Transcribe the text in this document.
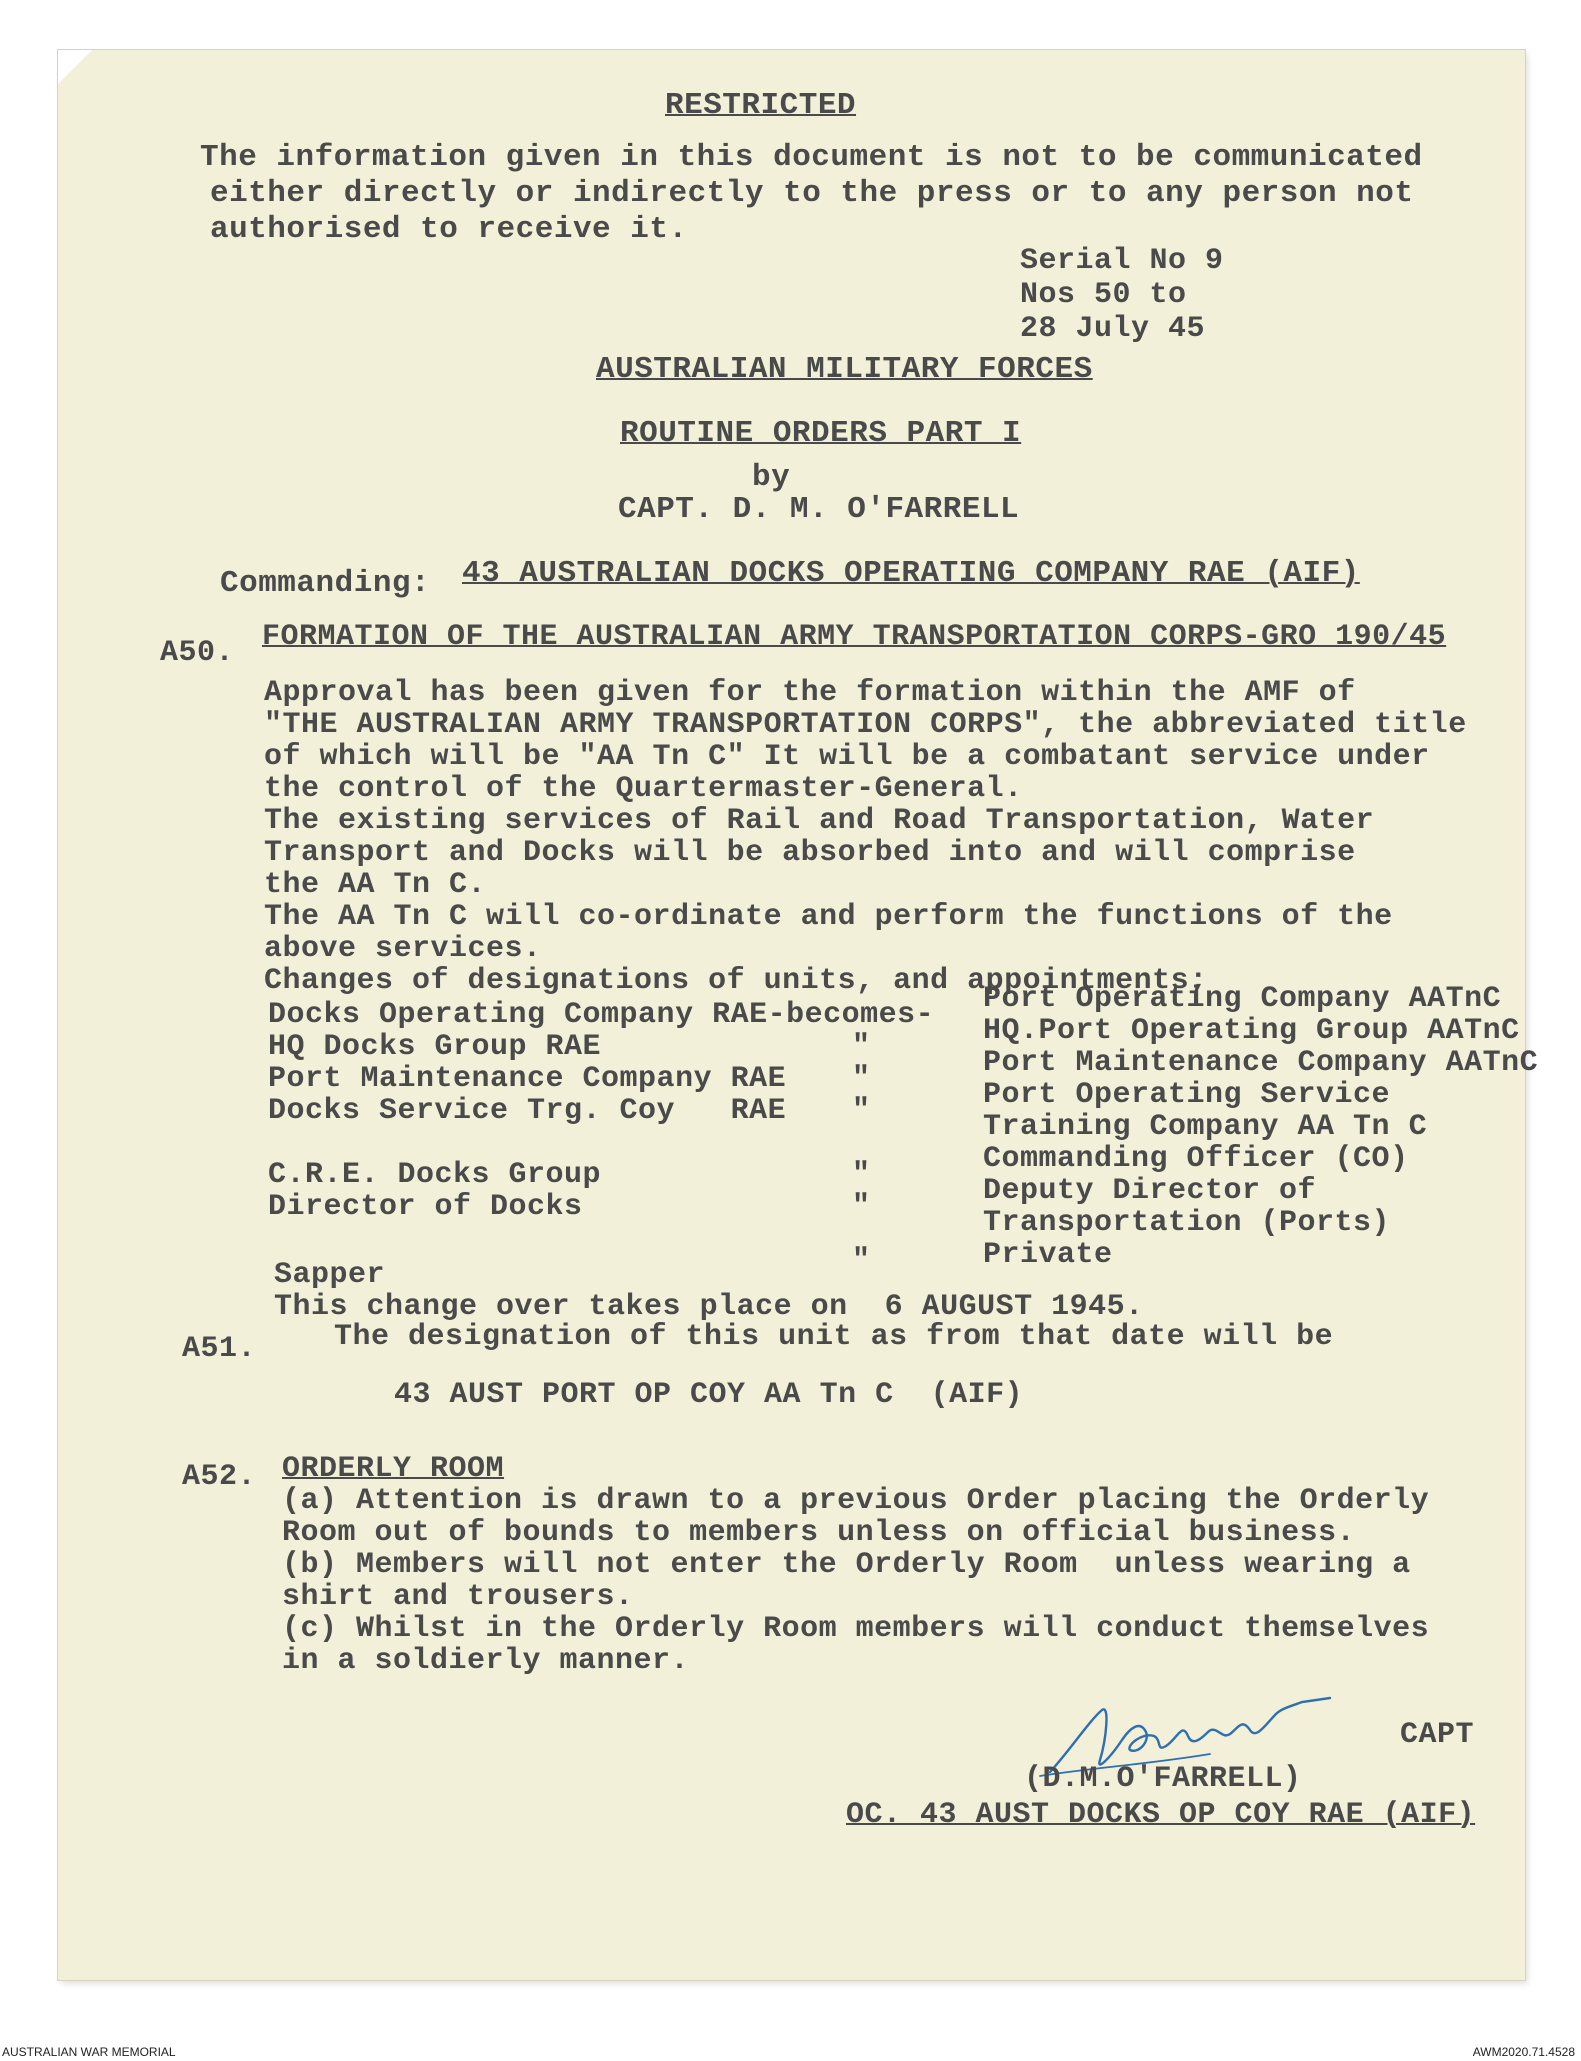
RESTRICTED
The information given in this document is not to be communicated
either directly or indirectly to the press or to any person not
authorised to receive it.
Serial No 9
Nos 50 to
28 July 45
AUSTRALIAN MILITARY FORCES
ROUTINE ORDERS PART I
by
CAPT. D. M. O'FARRELL
Commanding: 43 AUSTRALIAN DOCKS OPERATING COMPANY RAE (AIF)
A50. FORMATION OF THE AUSTRALIAN ARMY TRANSPORTATION CORPS-GRO 190/45
Approval has been given for the formation within the AMF of
"THE AUSTRALIAN ARMY TRANSPORTATION CORPS", the abbreviated title
of which will be "AA Tn C" It will be a combatant service under
the control of the Quartermaster-General.
The existing services of Rail and Road Transportation, Water
Transport and Docks will be absorbed into and will comprise
the AA Tn C.
The AA Tn C will co-ordinate and perform the functions of the
above services.
Changes of designations of units, and appointments;
Docks Operating Company RAE-becomes-
HQ Docks Group RAE
Port Maintenance Company RAE
Docks Service Trg. Coy   RAE
C.R.E. Docks Group
Director of Docks
Sapper
"
"
"
"
"
"
Port Operating Company AATnC
HQ.Port Operating Group AATnC
Port Maintenance Company AATnC
Port Operating Service
Training Company AA Tn C
Commanding Officer (CO)
Deputy Director of
Transportation (Ports)
Private
This change over takes place on  6 AUGUST 1945.
A51.	The designation of this unit as from that date will be
43 AUST PORT OP COY AA Tn C  (AIF)
A52. ORDERLY ROOM
(a) Attention is drawn to a previous Order placing the Orderly
Room out of bounds to members unless on official business.
(b) Members will not enter the Orderly Room  unless wearing a
shirt and trousers.
(c) Whilst in the Orderly Room members will conduct themselves
in a soldierly manner.
CAPT
(D.M.O'FARRELL)
OC. 43 AUST DOCKS OP COY RAE (AIF)
AUSTRALIAN WAR MEMORIAL	AWM2020.71.4528
